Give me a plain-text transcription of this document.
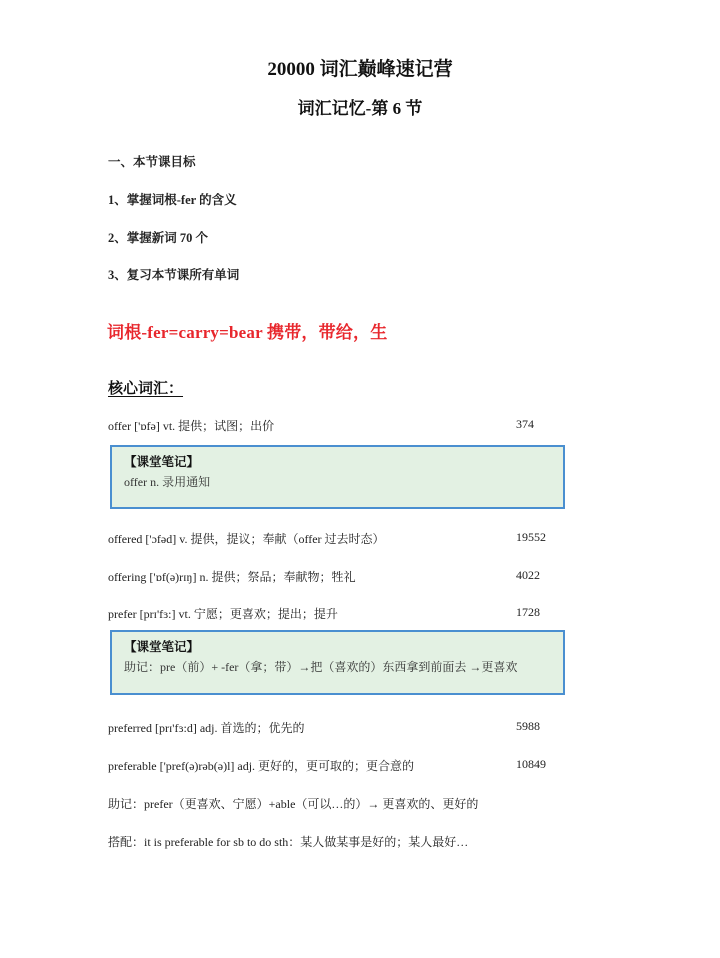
20000 词汇巅峰速记营
词汇记忆-第 6 节
一、本节课目标
1、掌握词根-fer 的含义
2、掌握新词 70 个
3、复习本节课所有单词
词根-fer=carry=bear 携带，带给，生
核心词汇：
offer ['ɒfə] vt. 提供；试图；出价	374
【课堂笔记】
offer n. 录用通知
offered ['ɔfəd] v. 提供，提议；奉献（offer 过去时态）	19552
offering ['ɒf(ə)rɪŋ] n. 提供；祭品；奉献物；牲礼	4022
prefer [prɪ'fɜ:] vt. 宁愿；更喜欢；提出；提升	1728
【课堂笔记】
助记：pre（前）+ -fer（拿；带）→把（喜欢的）东西拿到前面去 →更喜欢
preferred [prɪ'fɜ:d] adj. 首选的；优先的	5988
preferable ['pref(ə)rəb(ə)l] adj. 更好的，更可取的；更合意的	10849
助记：prefer（更喜欢、宁愿）+able（可以…的）→ 更喜欢的、更好的
搭配：it is preferable for sb to do sth：某人做某事是好的；某人最好…
